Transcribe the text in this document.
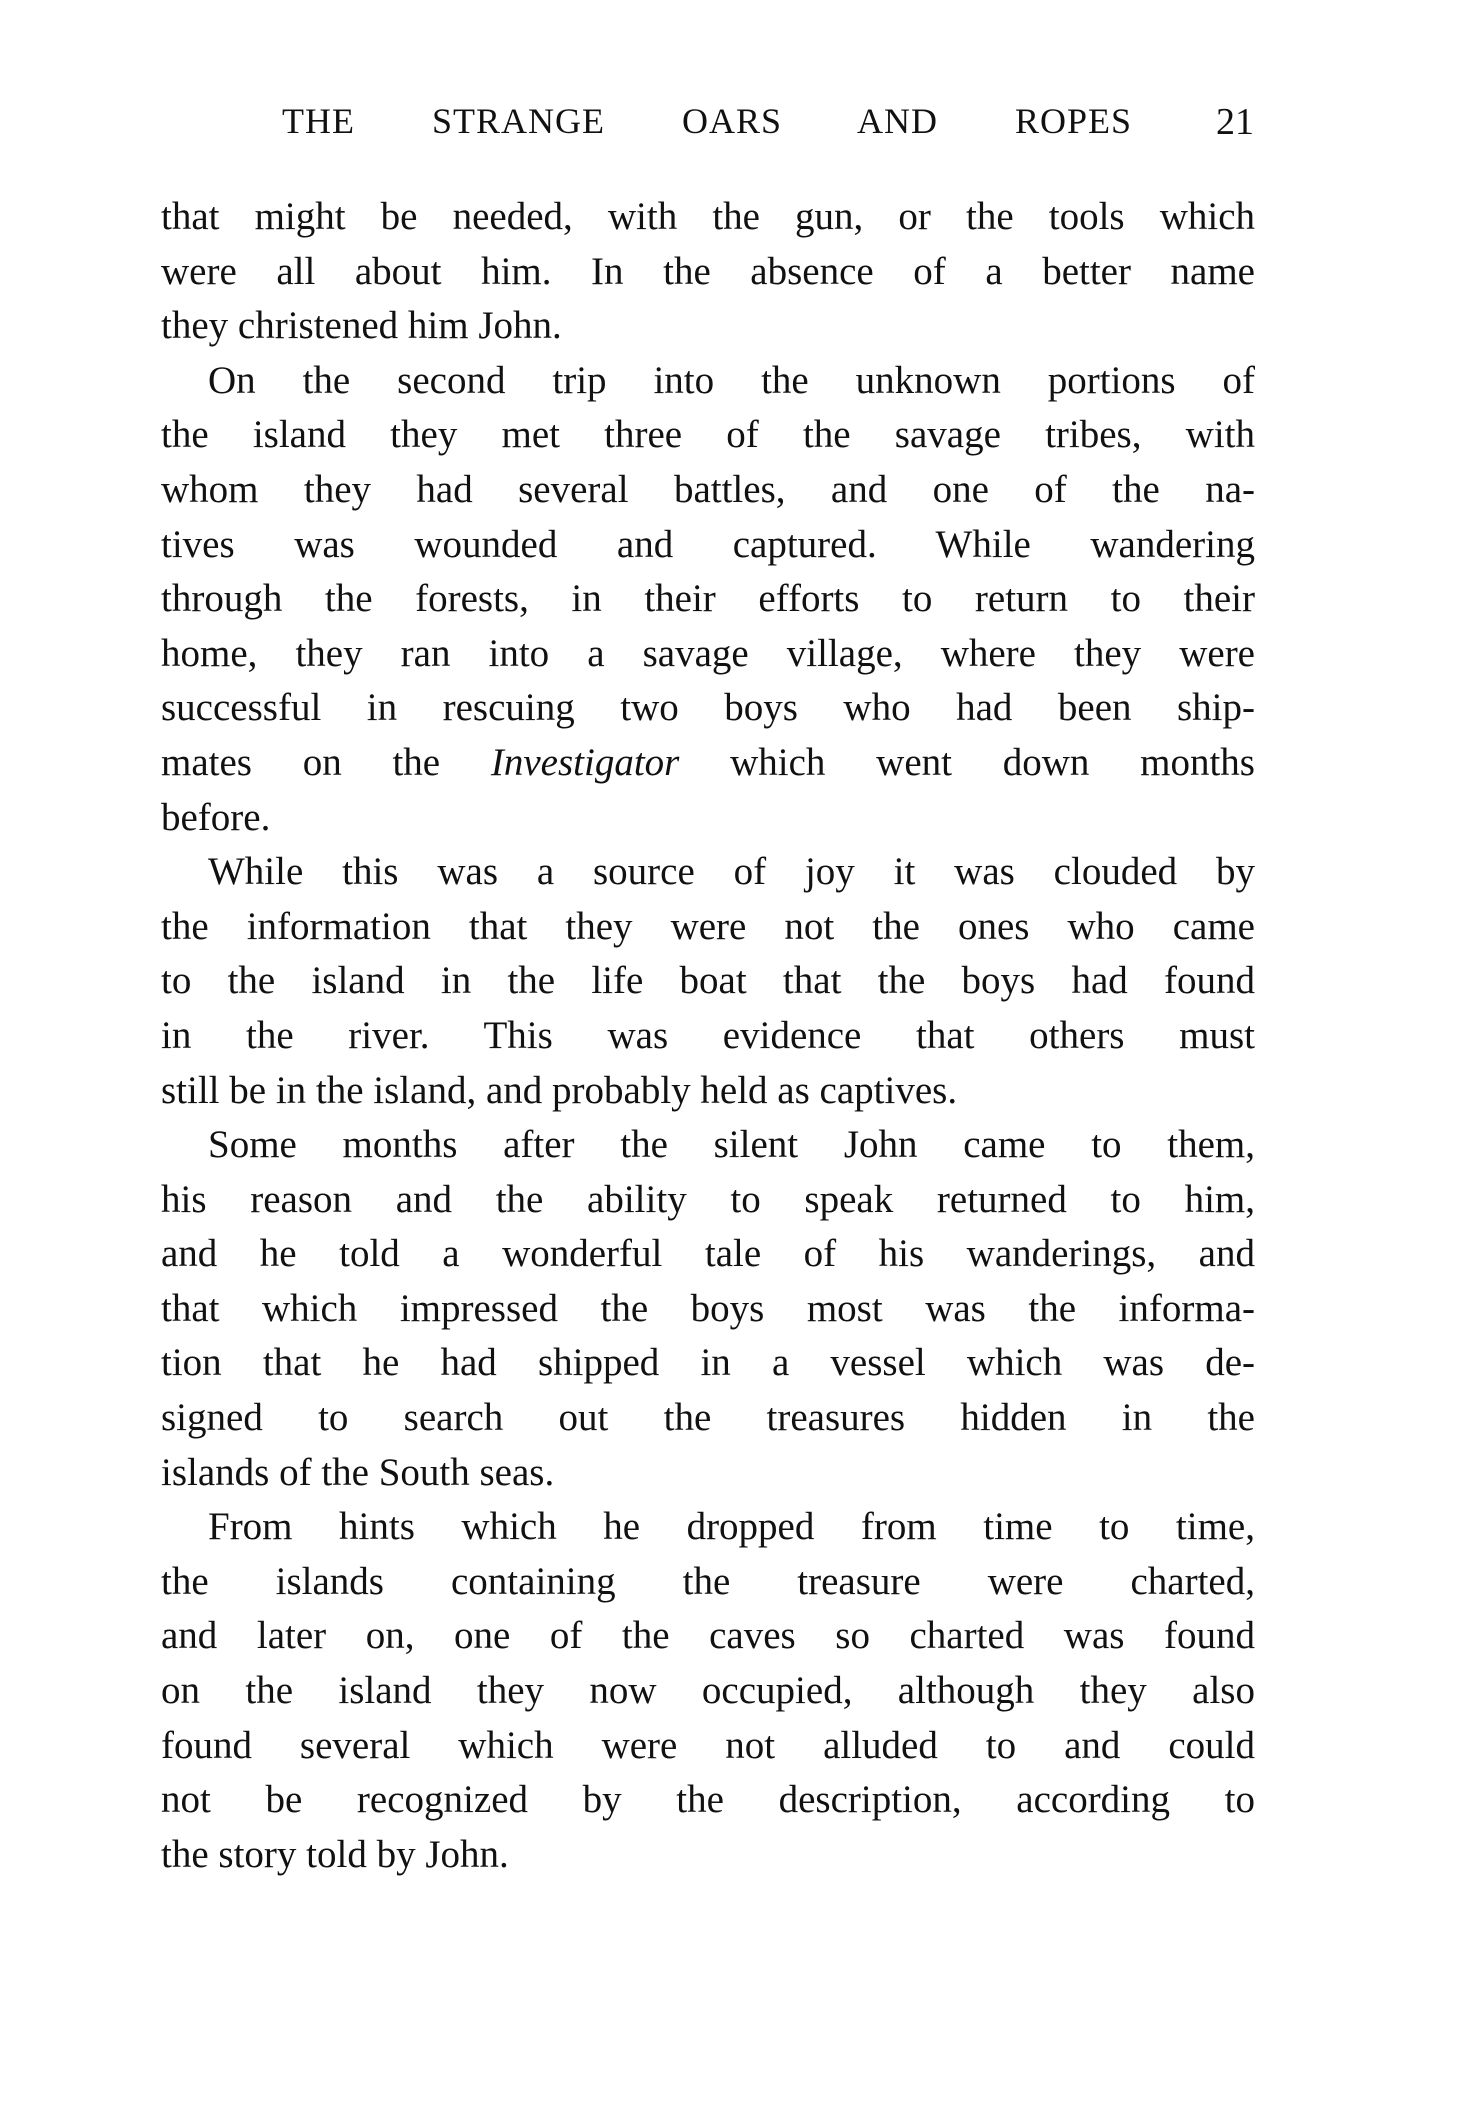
THE STRANGE OARS AND ROPES	21
that might be needed, with the gun, or the tools which
were all about him. In the absence of a better name
they christened him John.
On the second trip into the unknown portions of
the island they met three of the savage tribes, with
whom they had several battles, and one of the na-
tives was wounded and captured. While wandering
through the forests, in their efforts to return to their
home, they ran into a savage village, where they were
successful in rescuing two boys who had been ship-
mates on the Investigator which went down months
before.
While this was a source of joy it was clouded by
the information that they were not the ones who came
to the island in the life boat that the boys had found
in the river. This was evidence that others must
still be in the island, and probably held as captives.
Some months after the silent John came to them,
his reason and the ability to speak returned to him,
and he told a wonderful tale of his wanderings, and
that which impressed the boys most was the informa-
tion that he had shipped in a vessel which was de-
signed to search out the treasures hidden in the
islands of the South seas.
From hints which he dropped from time to time,
the islands containing the treasure were charted,
and later on, one of the caves so charted was found
on the island they now occupied, although they also
found several which were not alluded to and could
not be recognized by the description, according to
the story told by John.
